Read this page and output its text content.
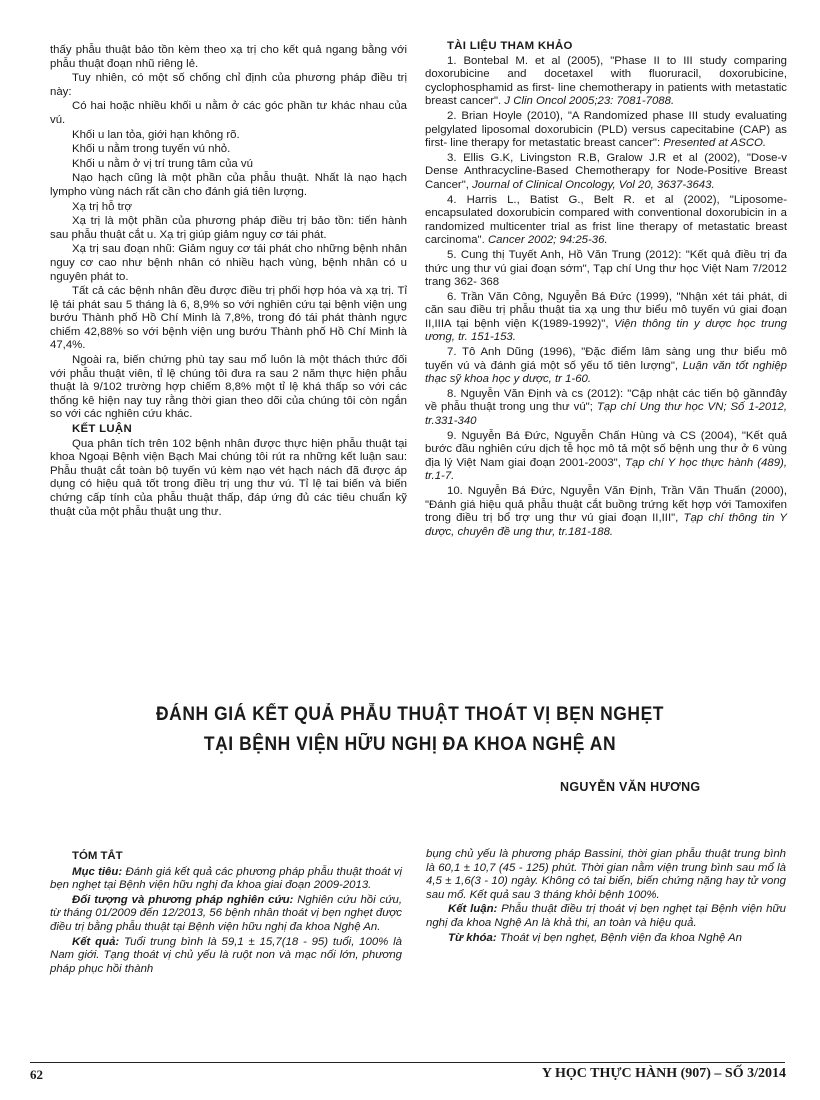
thấy phẫu thuật bảo tồn kèm theo xạ trị cho kết quả ngang bằng với phẫu thuật đoạn nhũ riêng lẻ.

Tuy nhiên, có một số chống chỉ định của phương pháp điều trị này:

Có hai hoặc nhiều khối u nằm ở các góc phần tư khác nhau của vú.

Khối u lan tỏa, giới hạn không rõ.

Khối u nằm trong tuyến vú nhỏ.

Khối u nằm ở vị trí trung tâm của vú

Nạo hạch cũng là một phần của phẫu thuật. Nhất là nạo hạch lympho vùng nách rất cần cho đánh giá tiên lượng.

Xạ trị hỗ trợ

Xạ trị là một phần của phương pháp điều trị bảo tồn: tiến hành sau phẫu thuật cắt u. Xạ trị giúp giảm nguy cơ tái phát.

Xạ trị sau đoạn nhũ: Giảm nguy cơ tái phát cho những bệnh nhân nguy cơ cao như bệnh nhân có nhiều hạch vùng, bệnh nhân có u nguyên phát to.

Tất cả các bệnh nhân đều được điều trị phối hợp hóa và xạ trị. Tỉ lệ tái phát sau 5 tháng là 6, 8,9% so với nghiên cứu tại bệnh viện ung bướu Thành phố Hồ Chí Minh là 7,8%, trong đó tái phát thành ngực chiếm 42,88% so với bệnh viện ung bướu Thành phố Hồ Chí Minh là 47,4%.

Ngoài ra, biến chứng phù tay sau mổ luôn là một thách thức đối với phẫu thuật viên, tỉ lệ chúng tôi đưa ra sau 2 năm thực hiện phẫu thuật là 9/102 trường hợp chiếm 8,8% một tỉ lệ khá thấp so với các thống kê hiện nay tuy rằng thời gian theo dõi của chúng tôi còn ngắn so với các nghiên cứu khác.

KẾT LUẬN

Qua phân tích trên 102 bệnh nhân được thực hiện phẫu thuật tại khoa Ngoại Bệnh viện Bạch Mai chúng tôi rút ra những kết luận sau: Phẫu thuật cắt toàn bộ tuyến vú kèm nạo vét hạch nách đã được áp dụng có hiệu quả tốt trong điều trị ung thư vú. Tỉ lệ tai biến và biến chứng cấp tính của phẫu thuật thấp, đáp ứng đủ các tiêu chuẩn kỹ thuật của một phẫu thuật ung thư.

TÀI LIỆU THAM KHẢO

1. Bontebal M. et al (2005), "Phase II to III study comparing doxorubicine and docetaxel with fluoruracil, doxorubicine, cyclophosphamid as first- line chemotherapy in patients with metastatic breast cancer". J Clin Oncol 2005;23: 7081-7088.

2. Brian Hoyle (2010), "A Randomized phase III study evaluating pelgylated liposomal doxorubicin (PLD) versus capecitabine (CAP) as first- line therapy for metastatic breast cancer": Presented at ASCO.

3. Ellis G.K, Livingston R.B, Gralow J.R et al (2002), "Dose-v Dense Anthracycline-Based Chemotherapy for Node-Positive Breast Cancer", Journal of Clinical Oncology, Vol 20, 3637-3643.

4. Harris L., Batist G., Belt R. et al (2002), "Liposome- encapsulated doxorubicin compared with conventional doxorubicin in a randomized multicenter trial as frist line therapy of metastatic breast carcinoma". Cancer 2002; 94:25-36.

5. Cung thị Tuyết Anh, Hồ Văn Trung (2012): "Kết quả điều trị đa thức ung thư vú giai đoạn sớm", Tạp chí Ung thư học Việt Nam 7/2012 trang 362- 368

6. Trần Văn Công, Nguyễn Bá Đức (1999), "Nhận xét tái phát, di căn sau điều trị phẫu thuật tia xạ ung thư biểu mô tuyến vú giai đoạn II,IIIA tại bệnh viện K(1989-1992)", Viện thông tin y dược học trung ương, tr. 151-153.

7. Tô Anh Dũng (1996), "Đặc điểm lâm sàng ung thư biểu mô tuyến vú và đánh giá một số yếu tố tiên lượng", Luận văn tốt nghiệp thạc sỹ khoa học y dược, tr 1-60.

8. Nguyễn Văn Định và cs (2012): "Cập nhật các tiến bộ gầnnđây về phẫu thuật trong ung thư vú"; Tạp chí Ung thư học VN; Số 1-2012, tr.331-340

9. Nguyễn Bá Đức, Nguyễn Chấn Hùng và CS (2004), "Kết quả bước đầu nghiên cứu dịch tễ học mô tả một số bệnh ung thư ở 6 vùng địa lý Việt Nam giai đoạn 2001-2003", Tạp chí Y học thực hành (489), tr.1-7.

10. Nguyễn Bá Đức, Nguyễn Văn Định, Trần Văn Thuấn (2000), "Đánh giá hiệu quả phẫu thuật cắt buồng trứng kết hợp với Tamoxifen trong điều trị bổ trợ ung thư vú giai đoạn II,III", Tạp chí thông tin Y dược, chuyên đề ung thư, tr.181-188.

ĐÁNH GIÁ KẾT QUẢ PHẪU THUẬT THOÁT VỊ BẸN NGHẸT
TẠI BỆNH VIỆN HỮU NGHỊ ĐA KHOA NGHỆ AN
NGUYỄN VĂN HƯƠNG

TÓM TẮT

Mục tiêu: Đánh giá kết quả các phương pháp phẫu thuật thoát vị bẹn nghẹt tại Bệnh viện hữu nghị đa khoa giai đoạn 2009-2013.

Đối tượng và phương pháp nghiên cứu: Nghiên cứu hồi cứu, từ tháng 01/2009 đến 12/2013, 56 bệnh nhân thoát vị bẹn nghẹt được điều trị bằng phẫu thuật tại Bệnh viện hữu nghị đa khoa Nghệ An.

Kết quả: Tuổi trung bình là 59,1 ± 15,7(18 - 95) tuổi, 100% là Nam giới. Tạng thoát vị chủ yếu là ruột non và mạc nối lớn, phương pháp phục hồi thành

bụng chủ yếu là phương pháp Bassini, thời gian phẫu thuật trung bình là 60,1 ± 10,7 (45 - 125) phút. Thời gian nằm viện trung bình sau mổ là 4,5 ± 1,6(3 - 10) ngày. Không có tai biến, biến chứng nặng hay tử vong sau mổ. Kết quả sau 3 tháng khỏi bệnh 100%.

Kết luận: Phẫu thuật điều trị thoát vị bẹn nghẹt tại Bệnh viện hữu nghị đa khoa Nghệ An là khả thi, an toàn và hiệu quả.

Từ khóa: Thoát vị bẹn nghẹt, Bệnh viện đa khoa Nghệ An

62	Y HỌC THỰC HÀNH (907) – SỐ 3/2014
